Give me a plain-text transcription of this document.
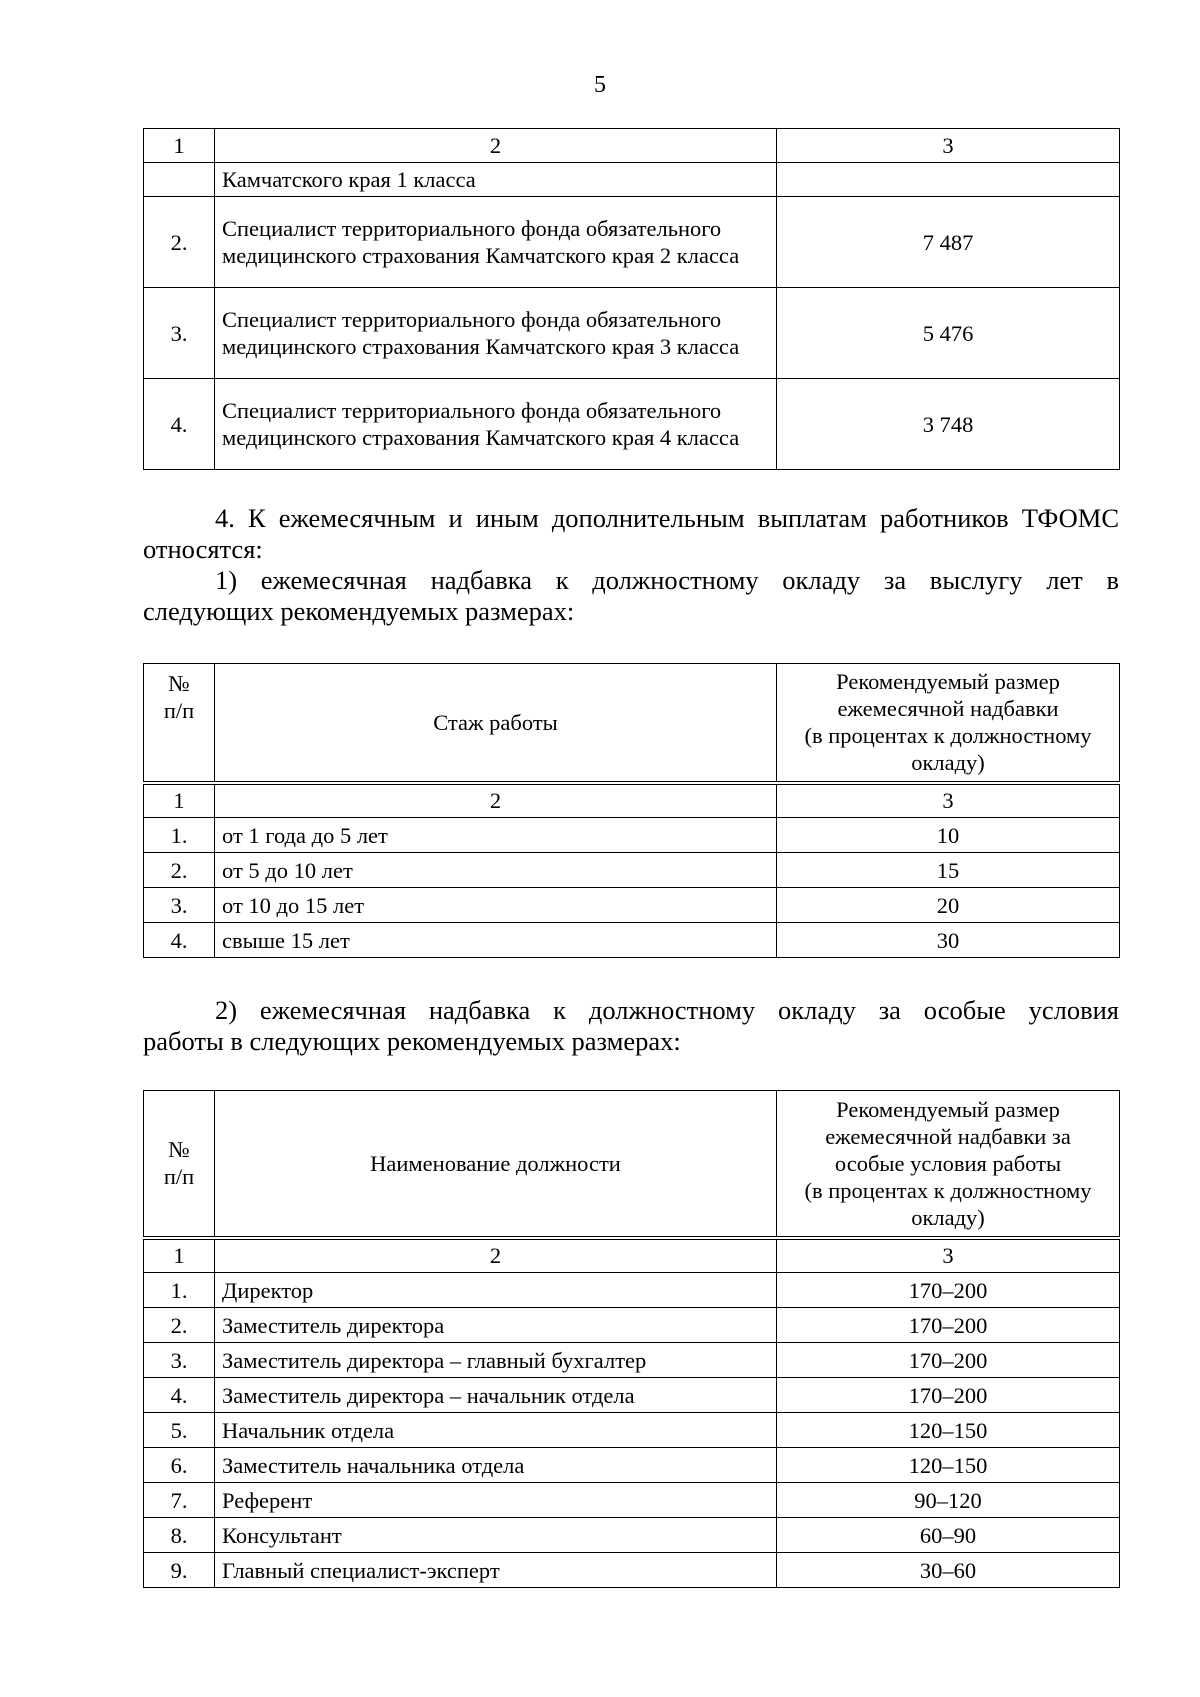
5
1	2	3
	Камчатского края 1 класса	
2.	Специалист территориального фонда обязательного медицинского страхования Камчатского края 2 класса	7 487
3.	Специалист территориального фонда обязательного медицинского страхования Камчатского края 3 класса	5 476
4.	Специалист территориального фонда обязательного медицинского страхования Камчатского края 4 класса	3 748
4. К ежемесячным и иным дополнительным выплатам работников ТФОМС
относятся:
1) ежемесячная надбавка к должностному окладу за выслугу лет в
следующих рекомендуемых размерах:
№
п/п	Стаж работы	Рекомендуемый размер
ежемесячной надбавки
(в процентах к должностному
окладу)
1	2	3
1.	от 1 года до 5 лет	10
2.	от 5 до 10 лет	15
3.	от 10 до 15 лет	20
4.	свыше 15 лет	30
2) ежемесячная надбавка к должностному окладу за особые условия
работы в следующих рекомендуемых размерах:
№
п/п	Наименование должности	Рекомендуемый размер
ежемесячной надбавки за
особые условия работы
(в процентах к должностному
окладу)
1	2	3
1.	Директор	170–200
2.	Заместитель директора	170–200
3.	Заместитель директора – главный бухгалтер	170–200
4.	Заместитель директора – начальник отдела	170–200
5.	Начальник отдела	120–150
6.	Заместитель начальника отдела	120–150
7.	Референт	90–120
8.	Консультант	60–90
9.	Главный специалист-эксперт	30–60
